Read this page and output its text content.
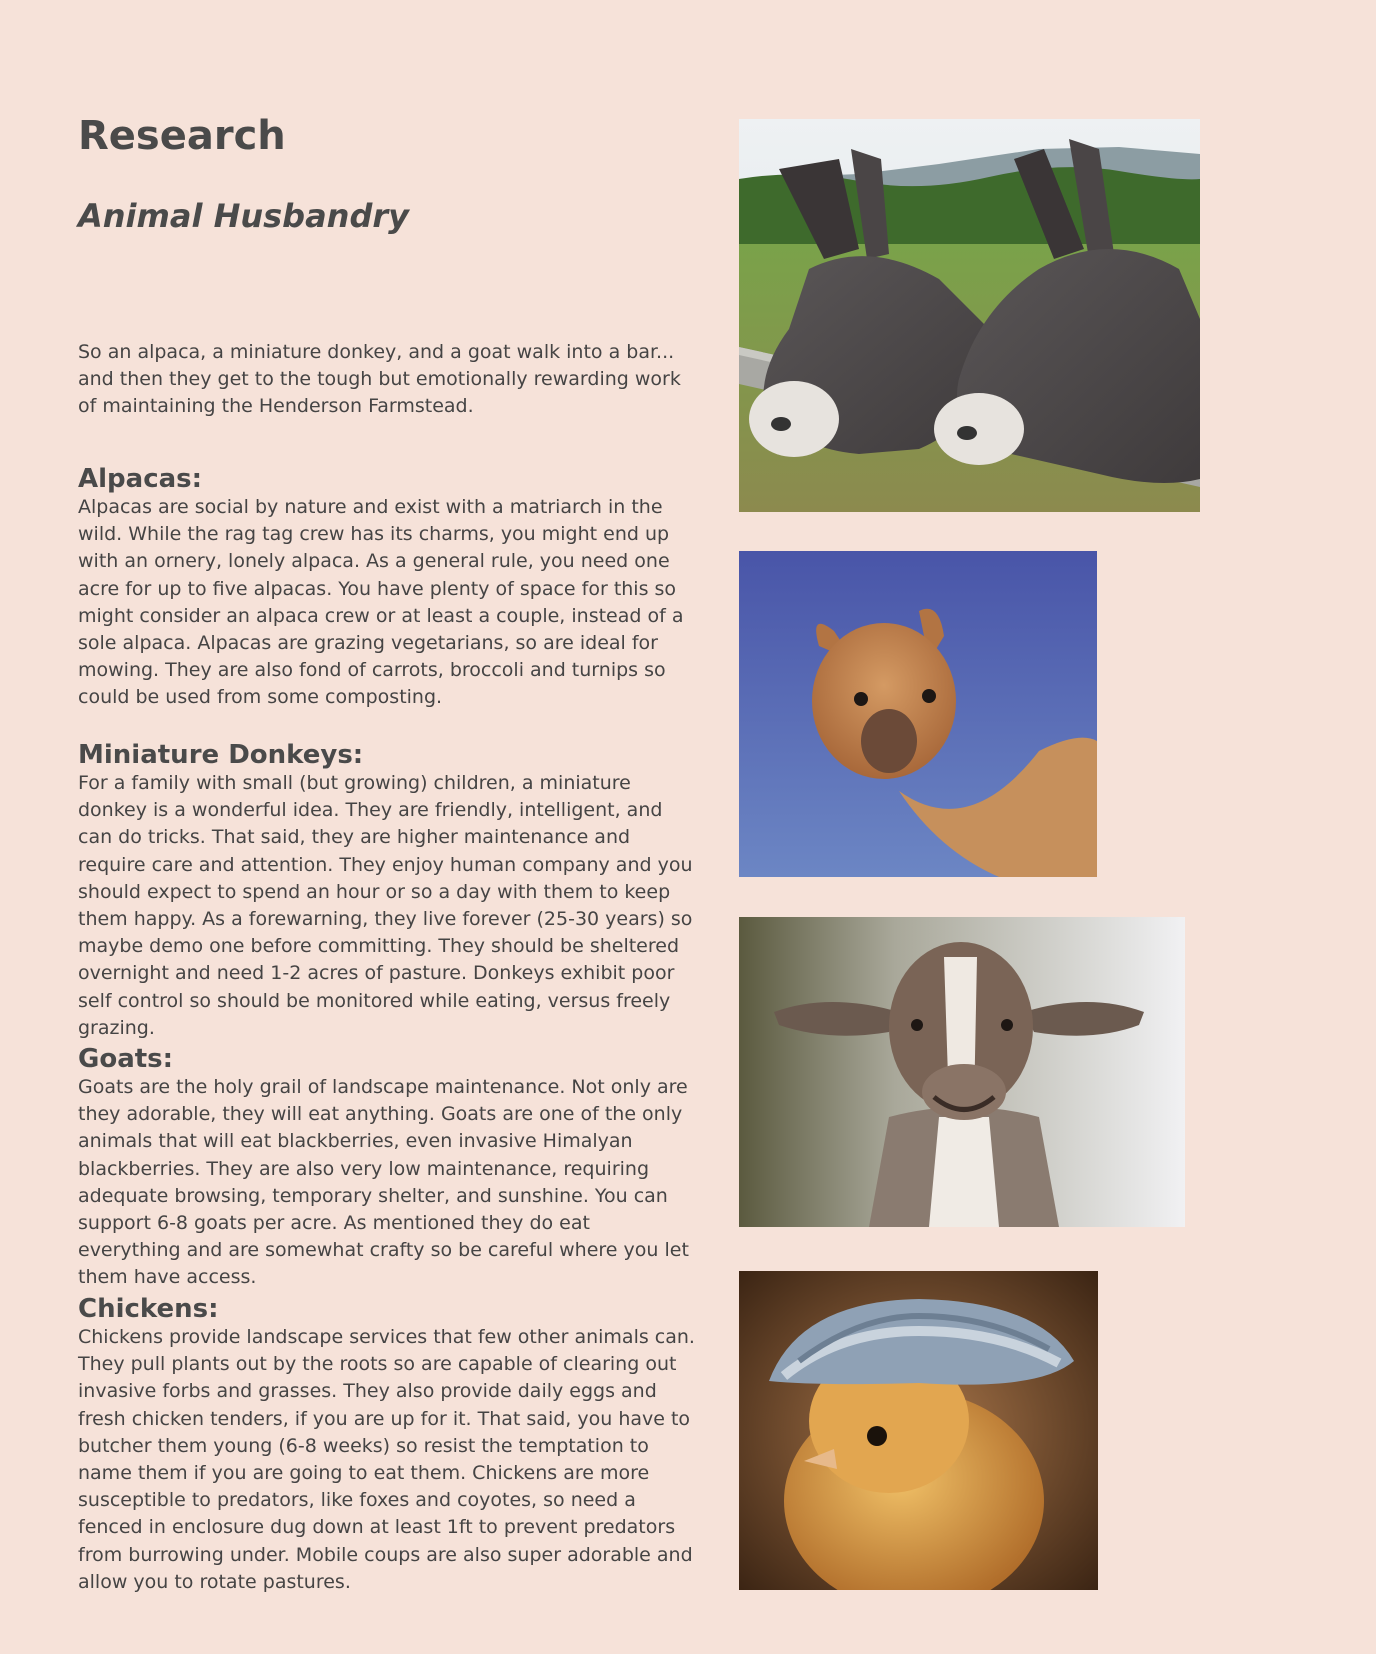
Research
Animal Husbandry

So an alpaca, a miniature donkey, and a goat walk into a bar... and then they get to the tough but emotionally rewarding work of maintaining the Henderson Farmstead.

Alpacas:

Alpacas are social by nature and exist with a matriarch in the wild. While the rag tag crew has its charms, you might end up with an ornery, lonely alpaca. As a general rule, you need one acre for up to five alpacas. You have plenty of space for this so might consider an alpaca crew or at least a couple, instead of a sole alpaca. Alpacas are grazing vegetarians, so are ideal for mowing. They are also fond of carrots, broccoli and turnips so could be used from some composting.

Miniature Donkeys:

For a family with small (but growing) children, a miniature donkey is a wonderful idea. They are friendly, intelligent, and can do tricks. That said, they are higher maintenance and require care and attention. They enjoy human company and you should expect to spend an hour or so a day with them to keep them happy. As a forewarning, they live forever (25-30 years) so maybe demo one before committing. They should be sheltered overnight and need 1-2 acres of pasture. Donkeys exhibit poor self control so should be monitored while eating, versus freely grazing.

Goats:

Goats are the holy grail of landscape maintenance. Not only are they adorable, they will eat anything. Goats are one of the only animals that will eat blackberries, even invasive Himalyan blackberries. They are also very low maintenance, requiring adequate browsing, temporary shelter, and sunshine. You can support 6-8 goats per acre. As mentioned they do eat everything and are somewhat crafty so be careful where you let them have access.

Chickens:

Chickens provide landscape services that few other animals can. They pull plants out by the roots so are capable of clearing out invasive forbs and grasses. They also provide daily eggs and fresh chicken tenders, if you are up for it. That said, you have to butcher them young (6-8 weeks) so resist the temptation to name them if you are going to eat them. Chickens are more susceptible to predators, like foxes and coyotes, so need a fenced in enclosure dug down at least 1ft to prevent predators from burrowing under. Mobile coups are also super adorable and allow you to rotate pastures.
